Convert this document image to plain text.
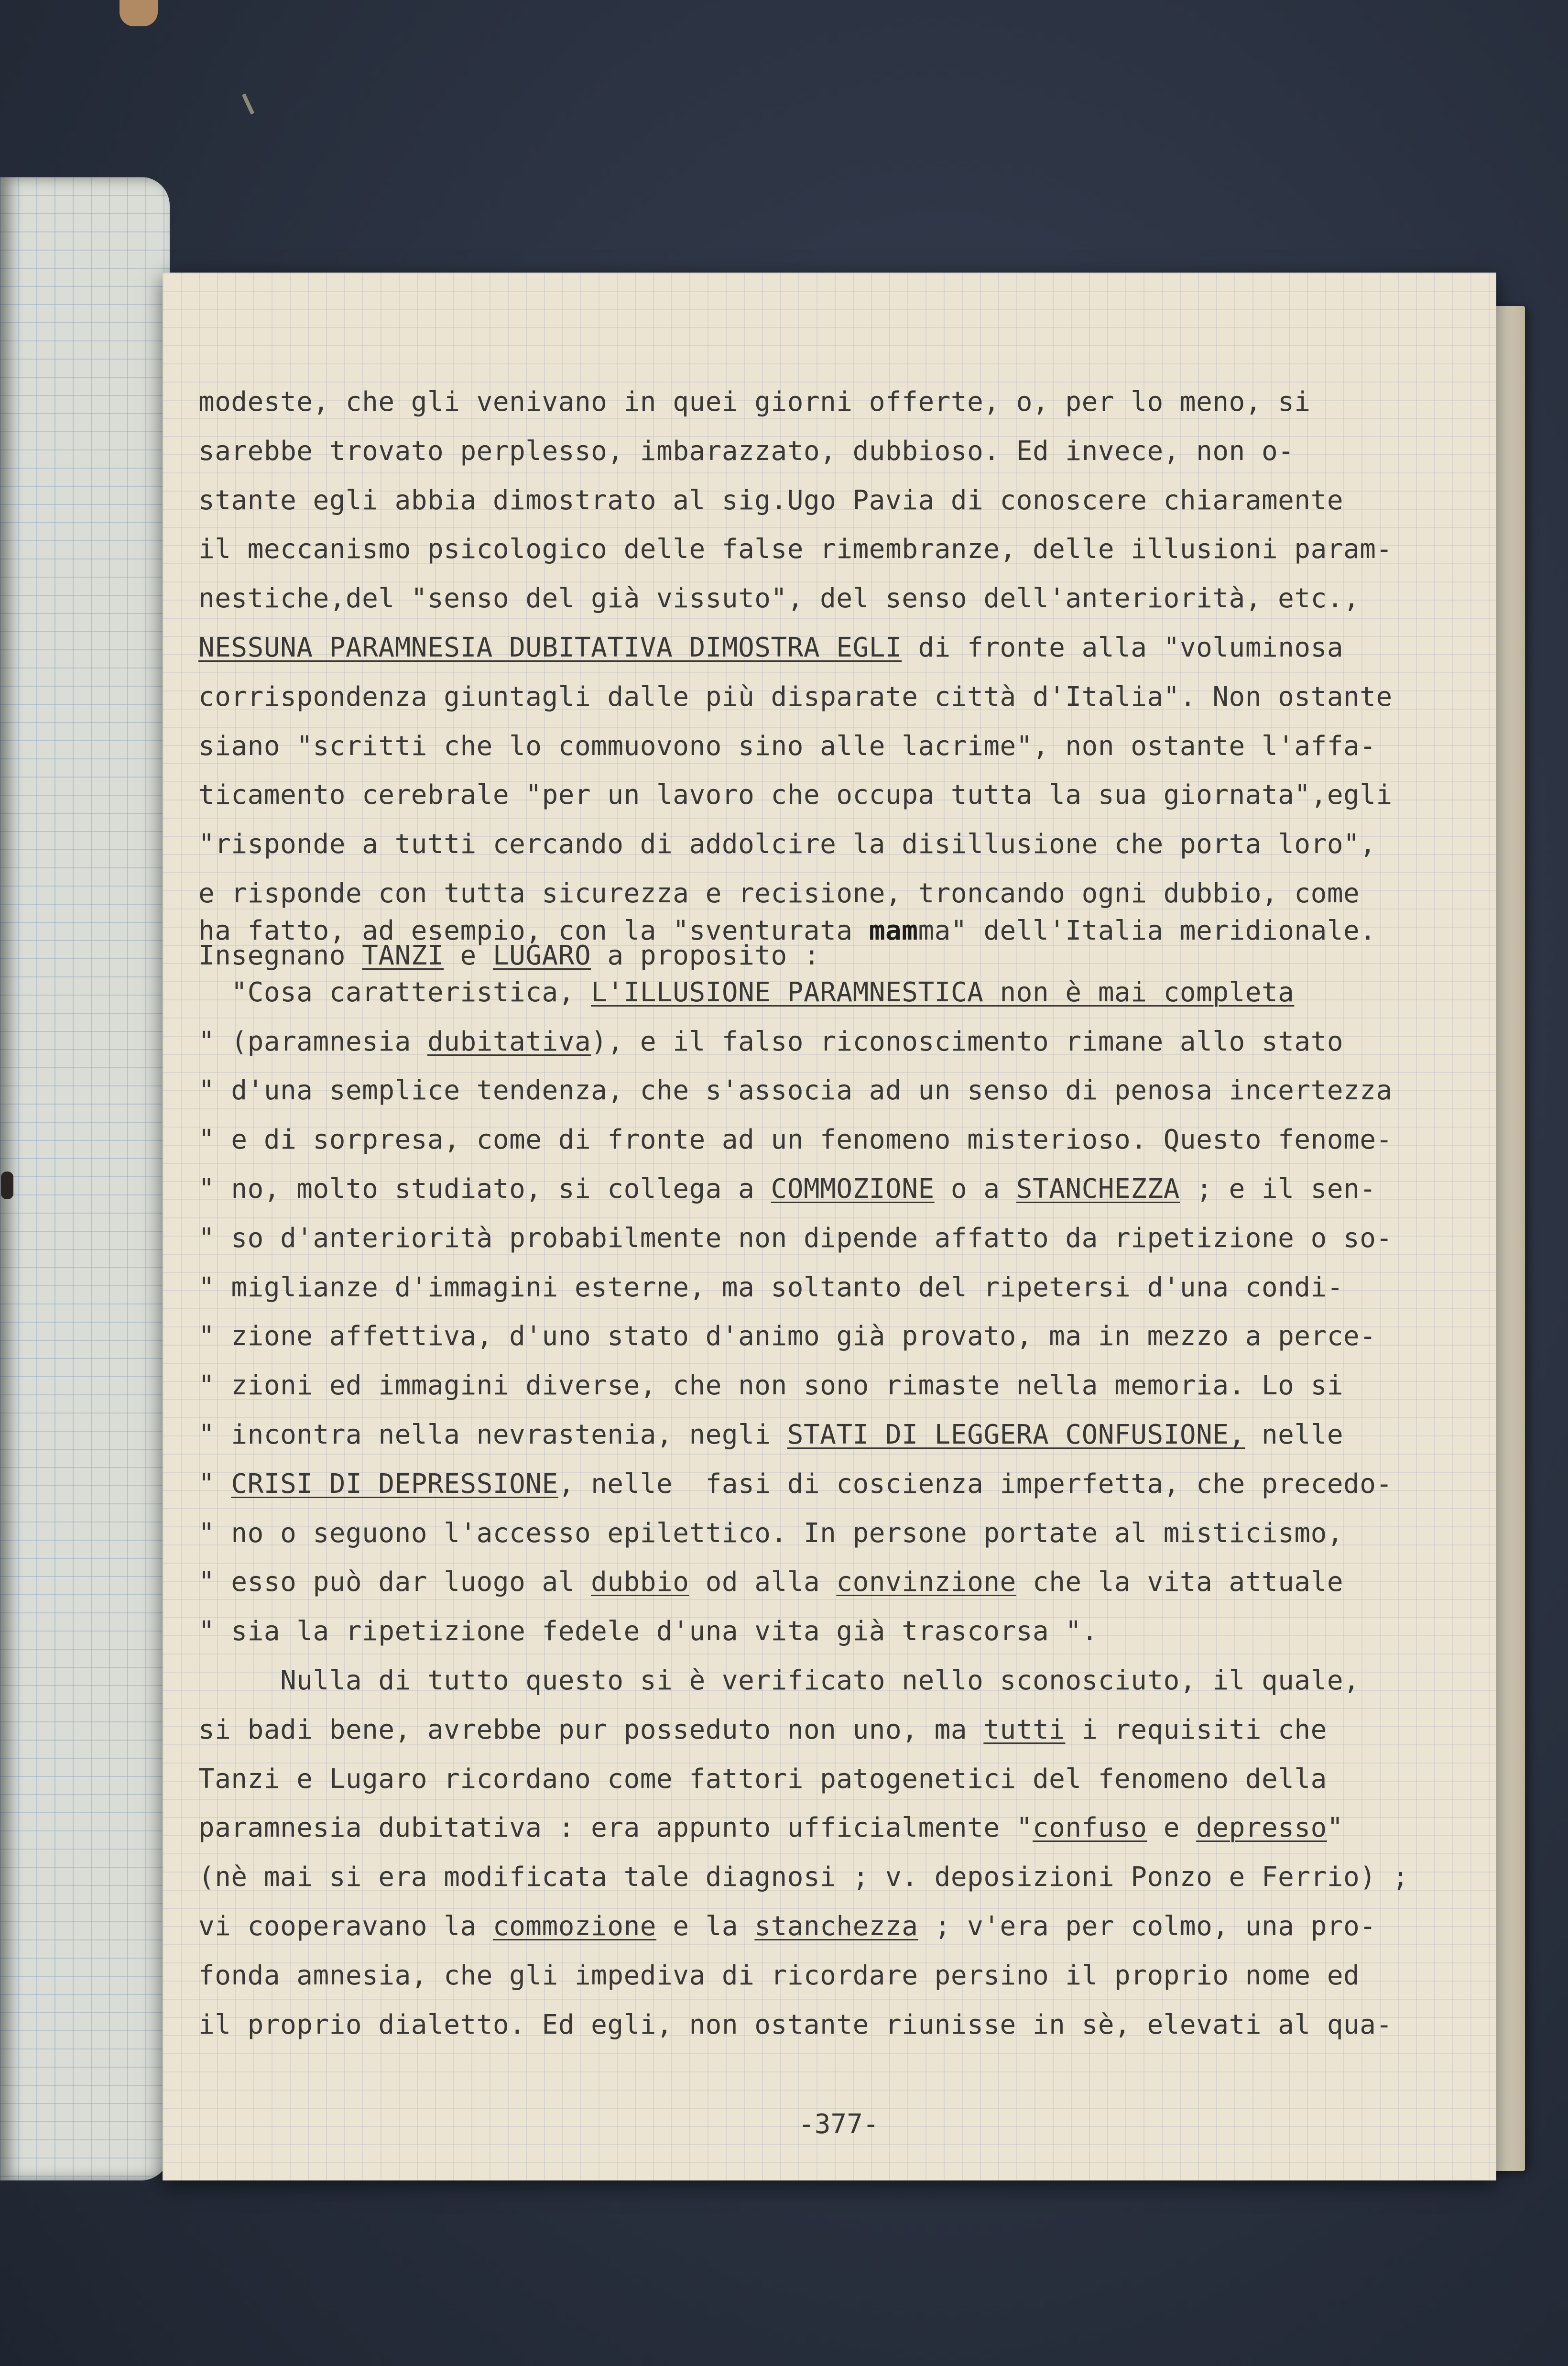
modeste, che gli venivano in quei giorni offerte, o, per lo meno, si
sarebbe trovato perplesso, imbarazzato, dubbioso. Ed invece, non o-
stante egli abbia dimostrato al sig.Ugo Pavia di conoscere chiaramente
il meccanismo psicologico delle false rimembranze, delle illusioni param-
nestiche,del "senso del già vissuto", del senso dell'anteriorità, etc.,
NESSUNA PARAMNESIA DUBITATIVA DIMOSTRA EGLI di fronte alla "voluminosa
corrispondenza giuntagli dalle più disparate città d'Italia". Non ostante
siano "scritti che lo commuovono sino alle lacrime", non ostante l'affa-
ticamento cerebrale "per un lavoro che occupa tutta la sua giornata",egli
"risponde a tutti cercando di addolcire la disillusione che porta loro",
e risponde con tutta sicurezza e recisione, troncando ogni dubbio, come
ha fatto, ad esempio, con la "sventurata mamma" dell'Italia meridionale.
Insegnano TANZI e LUGARO a proposito :
"Cosa caratteristica, L'ILLUSIONE PARAMNESTICA non è mai completa
" (paramnesia dubitativa), e il falso riconoscimento rimane allo stato
" d'una semplice tendenza, che s'associa ad un senso di penosa incertezza
" e di sorpresa, come di fronte ad un fenomeno misterioso. Questo fenome-
" no, molto studiato, si collega a COMMOZIONE o a STANCHEZZA ; e il sen-
" so d'anteriorità probabilmente non dipende affatto da ripetizione o so-
" miglianze d'immagini esterne, ma soltanto del ripetersi d'una condi-
" zione affettiva, d'uno stato d'animo già provato, ma in mezzo a perce-
" zioni ed immagini diverse, che non sono rimaste nella memoria. Lo si
" incontra nella nevrastenia, negli STATI DI LEGGERA CONFUSIONE, nelle
" CRISI DI DEPRESSIONE, nelle  fasi di coscienza imperfetta, che precedo-
" no o seguono l'accesso epilettico. In persone portate al misticismo,
" esso può dar luogo al dubbio od alla convinzione che la vita attuale
" sia la ripetizione fedele d'una vita già trascorsa ".
Nulla di tutto questo si è verificato nello sconosciuto, il quale,
si badi bene, avrebbe pur posseduto non uno, ma tutti i requisiti che
Tanzi e Lugaro ricordano come fattori patogenetici del fenomeno della
paramnesia dubitativa : era appunto ufficialmente "confuso e depresso"
(nè mai si era modificata tale diagnosi ; v. deposizioni Ponzo e Ferrio) ;
vi cooperavano la commozione e la stanchezza ; v'era per colmo, una pro-
fonda amnesia, che gli impediva di ricordare persino il proprio nome ed
il proprio dialetto. Ed egli, non ostante riunisse in sè, elevati al qua-
-377-
